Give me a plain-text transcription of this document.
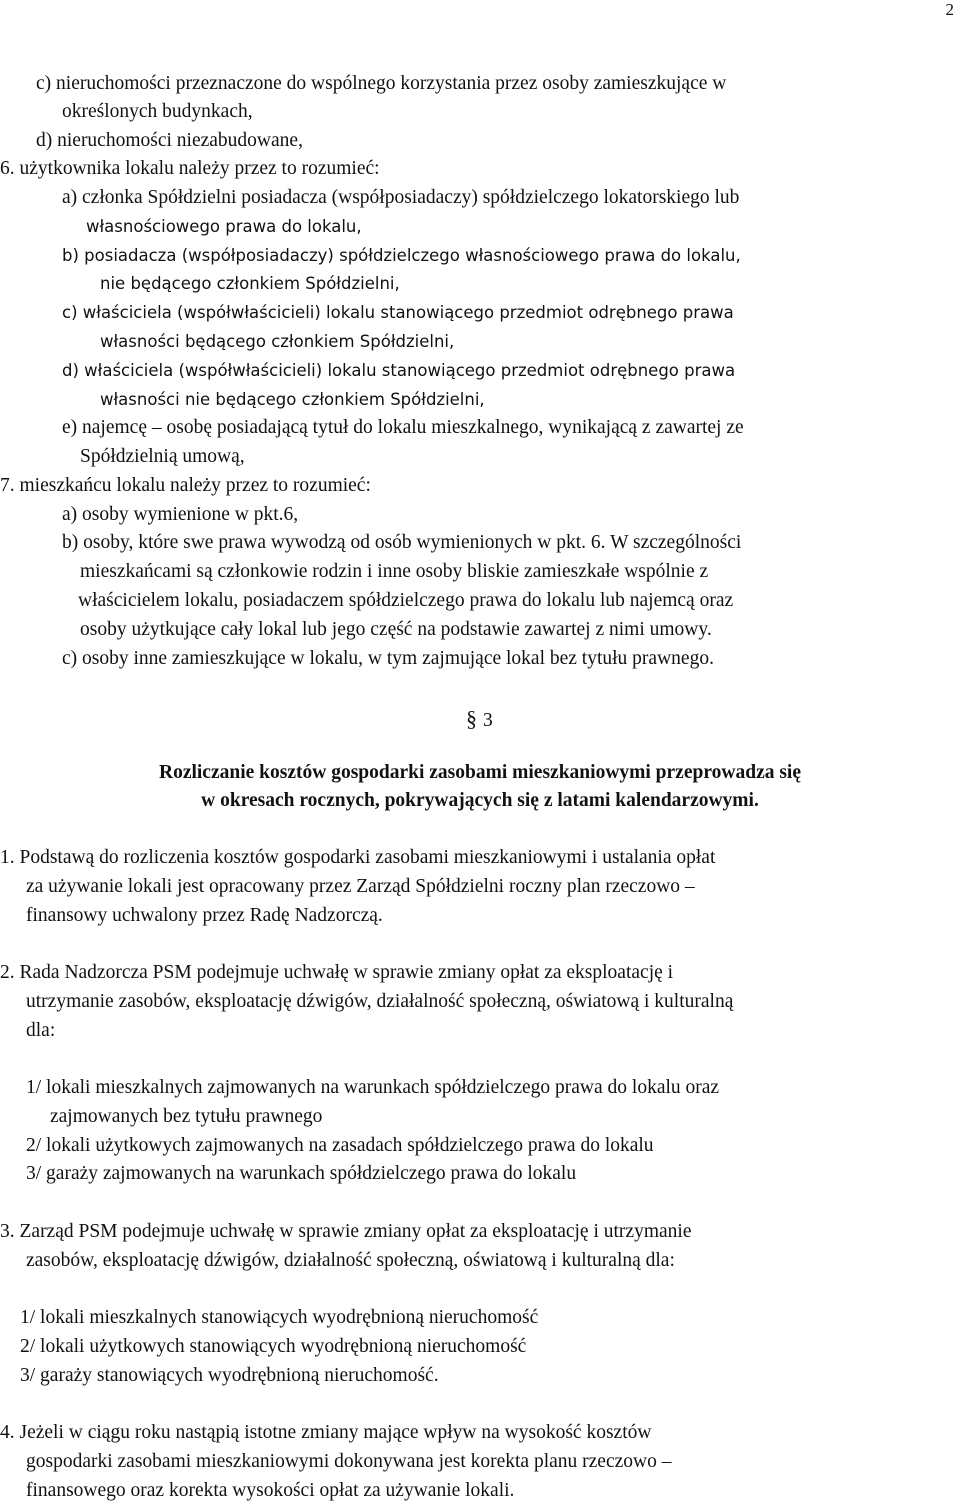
2
c) nieruchomości przeznaczone do wspólnego korzystania przez osoby zamieszkujące w
określonych budynkach,
d) nieruchomości niezabudowane,
6. użytkownika lokalu należy przez to rozumieć:
a) członka Spółdzielni posiadacza (współposiadaczy) spółdzielczego lokatorskiego lub
własnościowego prawa do lokalu,
b) posiadacza (współposiadaczy) spółdzielczego własnościowego prawa do lokalu,
nie będącego członkiem Spółdzielni,
c) właściciela (współwłaścicieli) lokalu stanowiącego przedmiot odrębnego prawa
własności będącego członkiem Spółdzielni,
d) właściciela (współwłaścicieli) lokalu stanowiącego przedmiot odrębnego prawa
własności nie będącego członkiem Spółdzielni,
e) najemcę – osobę posiadającą tytuł do lokalu mieszkalnego, wynikającą z zawartej ze
Spółdzielnią umową,
7. mieszkańcu lokalu należy przez to rozumieć:
a) osoby wymienione w pkt.6,
b) osoby, które swe prawa wywodzą od osób wymienionych w pkt. 6. W szczególności
mieszkańcami są członkowie rodzin i inne osoby bliskie zamieszkałe wspólnie z
właścicielem lokalu, posiadaczem spółdzielczego prawa do lokalu lub najemcą oraz
osoby użytkujące cały lokal lub jego część na podstawie zawartej z nimi umowy.
c) osoby inne zamieszkujące w lokalu, w tym zajmujące lokal bez tytułu prawnego.
§ 3
Rozliczanie kosztów gospodarki zasobami mieszkaniowymi przeprowadza się
w okresach rocznych, pokrywających się z latami kalendarzowymi.
1. Podstawą do rozliczenia kosztów gospodarki zasobami mieszkaniowymi i ustalania opłat
za używanie lokali jest opracowany przez Zarząd Spółdzielni roczny plan rzeczowo –
finansowy uchwalony przez Radę Nadzorczą.
2. Rada Nadzorcza PSM podejmuje uchwałę w sprawie zmiany opłat za eksploatację i
utrzymanie zasobów, eksploatację dźwigów, działalność społeczną, oświatową i kulturalną
dla:
1/ lokali mieszkalnych zajmowanych na warunkach spółdzielczego prawa do lokalu oraz
zajmowanych bez tytułu prawnego
2/ lokali użytkowych zajmowanych na zasadach spółdzielczego prawa do lokalu
3/ garaży zajmowanych na warunkach spółdzielczego prawa do lokalu
3. Zarząd PSM podejmuje uchwałę w sprawie zmiany opłat za eksploatację i utrzymanie
zasobów, eksploatację dźwigów, działalność społeczną, oświatową i kulturalną dla:
1/ lokali mieszkalnych stanowiących wyodrębnioną nieruchomość
2/ lokali użytkowych stanowiących wyodrębnioną nieruchomość
3/ garaży stanowiących wyodrębnioną nieruchomość.
4. Jeżeli w ciągu roku nastąpią istotne zmiany mające wpływ na wysokość kosztów
gospodarki zasobami mieszkaniowymi dokonywana jest korekta planu rzeczowo –
finansowego oraz korekta wysokości opłat za używanie lokali.
